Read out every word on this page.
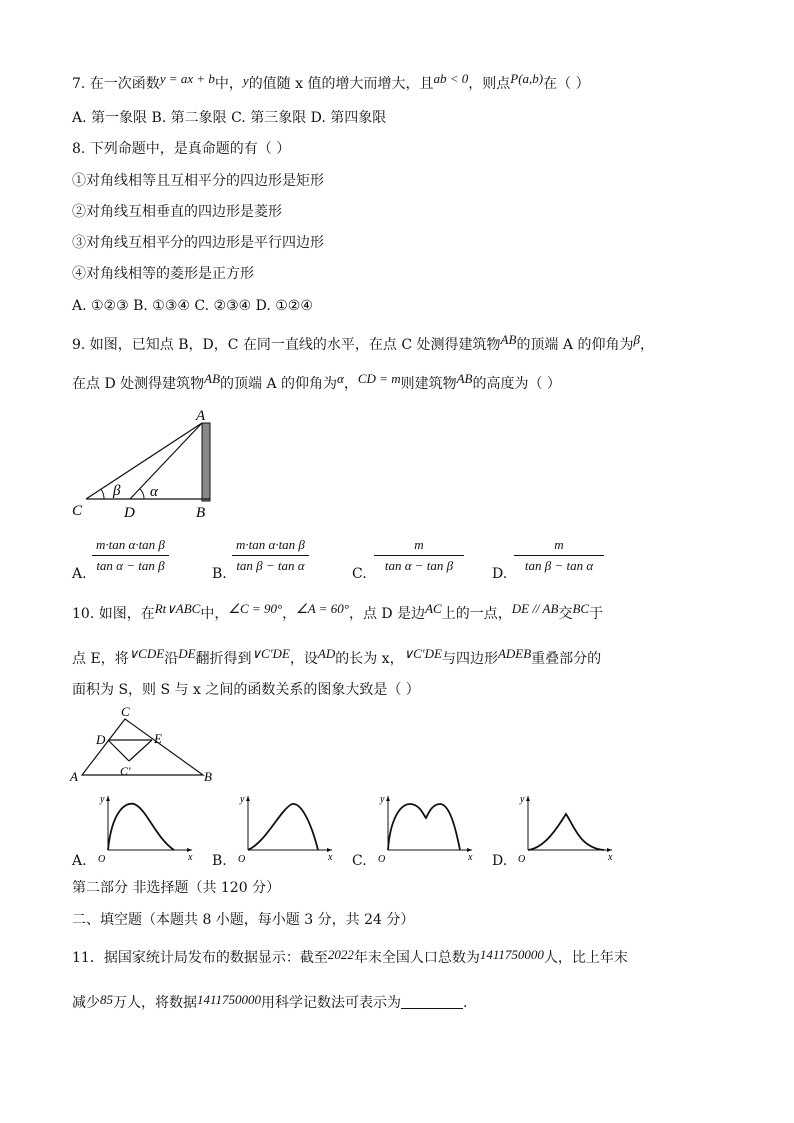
7. 在一次函数y = ax + b中，y的值随 x 值的增大而增大，且ab < 0，则点P(a,b)在（ ）
A. 第一象限 B. 第二象限 C. 第三象限 D. 第四象限
8. 下列命题中，是真命题的有（ ）
①对角线相等且互相平分的四边形是矩形
②对角线互相垂直的四边形是菱形
③对角线互相平分的四边形是平行四边形
④对角线相等的菱形是正方形
A. ①②③ B. ①③④ C. ②③④ D. ①②④
9. 如图，已知点 B，D，C 在同一直线的水平，在点 C 处测得建筑物AB的顶端 A 的仰角为β，
在点 D 处测得建筑物AB的顶端 A 的仰角为α，CD = m则建筑物AB的高度为（ ）
A
B
C	D
β α
A. $\frac{\text{m·tan α·tan β}}{\text{tan α − tan β}}$	B. $\frac{\text{m·tan α·tan β}}{\text{tan β − tan α}}$	C. $\frac{m}{\text{tan α − tan β}} D$. $\frac{m}{\text{tan β − tan α}}$
10. 如图，在Rt∨ABC中，∠C = 90°，∠A = 60°，点 D 是边AC上的一点，DE // AB交BC于
点 E，将∨CDE沿DE翻折得到∨C′DE，设AD的长为 x，∨C′DE与四边形ADEB重叠部分的
面积为 S，则 S 与 x 之间的函数关系的图象大致是（ ）
C
D	E
C′
A	B
A.
y
O	x B.
y
O	x C.
y
O	x D.
y
O	x
第二部分 非选择题（共 120 分）
二、填空题（本题共 8 小题，每小题 3 分，共 24 分）
11．据国家统计局发布的数据显示：截至2022年末全国人口总数为1411750000人，比上年末
减少85万人，将数据1411750000用科学记数法可表示为	.
